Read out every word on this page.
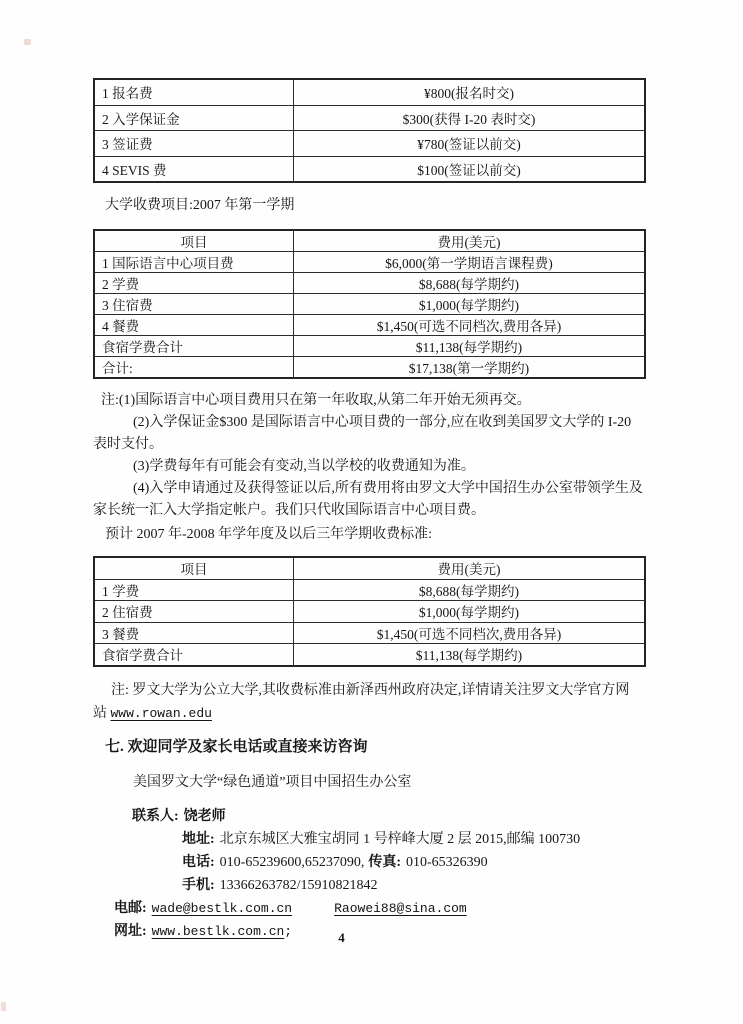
1 报名费	¥800(报名时交)
2 入学保证金	$300(获得 I-20 表时交)
3 签证费	¥780(签证以前交)
4 SEVIS 费	$100(签证以前交)
大学收费项目:2007 年第一学期
项目	费用(美元)
1 国际语言中心项目费	$6,000(第一学期语言课程费)
2 学费	$8,688(每学期约)
3 住宿费	$1,000(每学期约)
4 餐费	$1,450(可选不同档次,费用各异)
食宿学费合计	$11,138(每学期约)
合计:	$17,138(第一学期约)
注:(1)国际语言中心项目费用只在第一年收取,从第二年开始无须再交。
(2)入学保证金$300 是国际语言中心项目费的一部分,应在收到美国罗文大学的 I-20
表时支付。
(3)学费每年有可能会有变动,当以学校的收费通知为准。
(4)入学申请通过及获得签证以后,所有费用将由罗文大学中国招生办公室带领学生及
家长统一汇入大学指定帐户。我们只代收国际语言中心项目费。
预计 2007 年-2008 年学年度及以后三年学期收费标准:
项目	费用(美元)
1 学费	$8,688(每学期约)
2 住宿费	$1,000(每学期约)
3 餐费	$1,450(可选不同档次,费用各异)
食宿学费合计	$11,138(每学期约)
注: 罗文大学为公立大学,其收费标准由新泽西州政府决定,详情请关注罗文大学官方网
站 www.rowan.edu
七. 欢迎同学及家长电话或直接来访咨询
美国罗文大学“绿色通道”项目中国招生办公室
联系人: 饶老师
地址: 北京东城区大雅宝胡同 1 号梓峰大厦 2 层 2015,邮编 100730
电话: 010-65239600,65237090, 传真: 010-65326390
手机: 13366263782/15910821842
电邮: wade@bestlk.com.cn	Raowei88@sina.com
网址: www.bestlk.com.cn;	4
